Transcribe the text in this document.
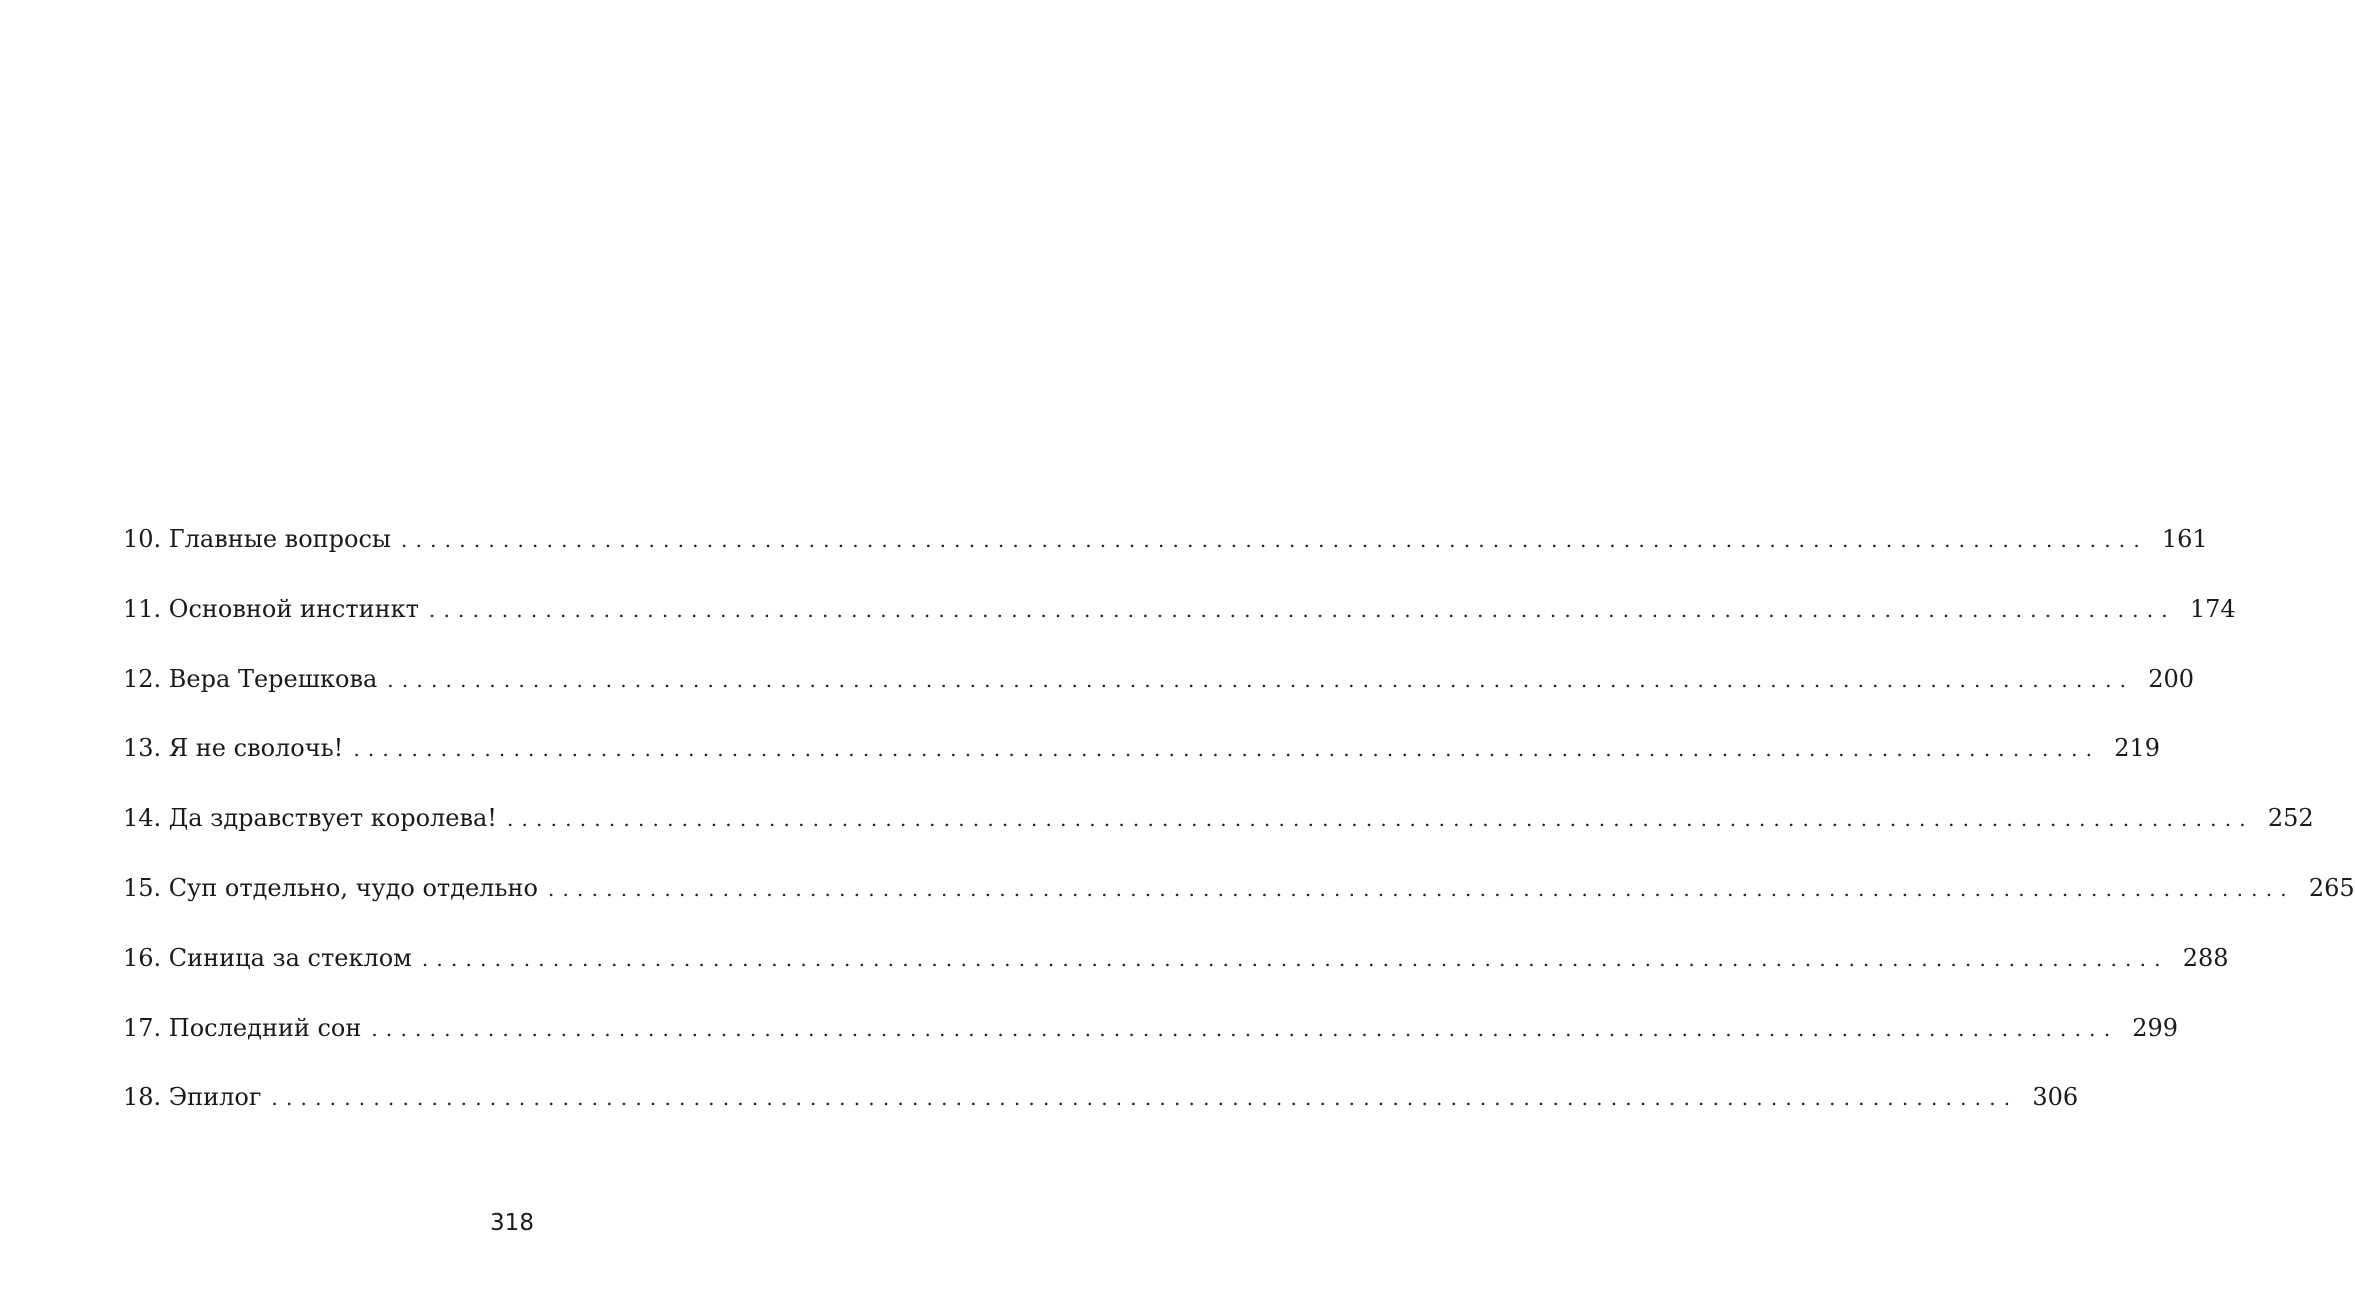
10. Главные вопросы ........................................................................................................................ 161
11. Основной инстинкт ........................................................................................................................ 174
12. Вера Терешкова ........................................................................................................................ 200
13. Я не сволочь! ........................................................................................................................ 219
14. Да здравствует королева! ........................................................................................................................ 252
15. Суп отдельно, чудо отдельно ........................................................................................................................ 265
16. Синица за стеклом ........................................................................................................................ 288
17. Последний сон ........................................................................................................................ 299
18. Эпилог ........................................................................................................................ 306
318
